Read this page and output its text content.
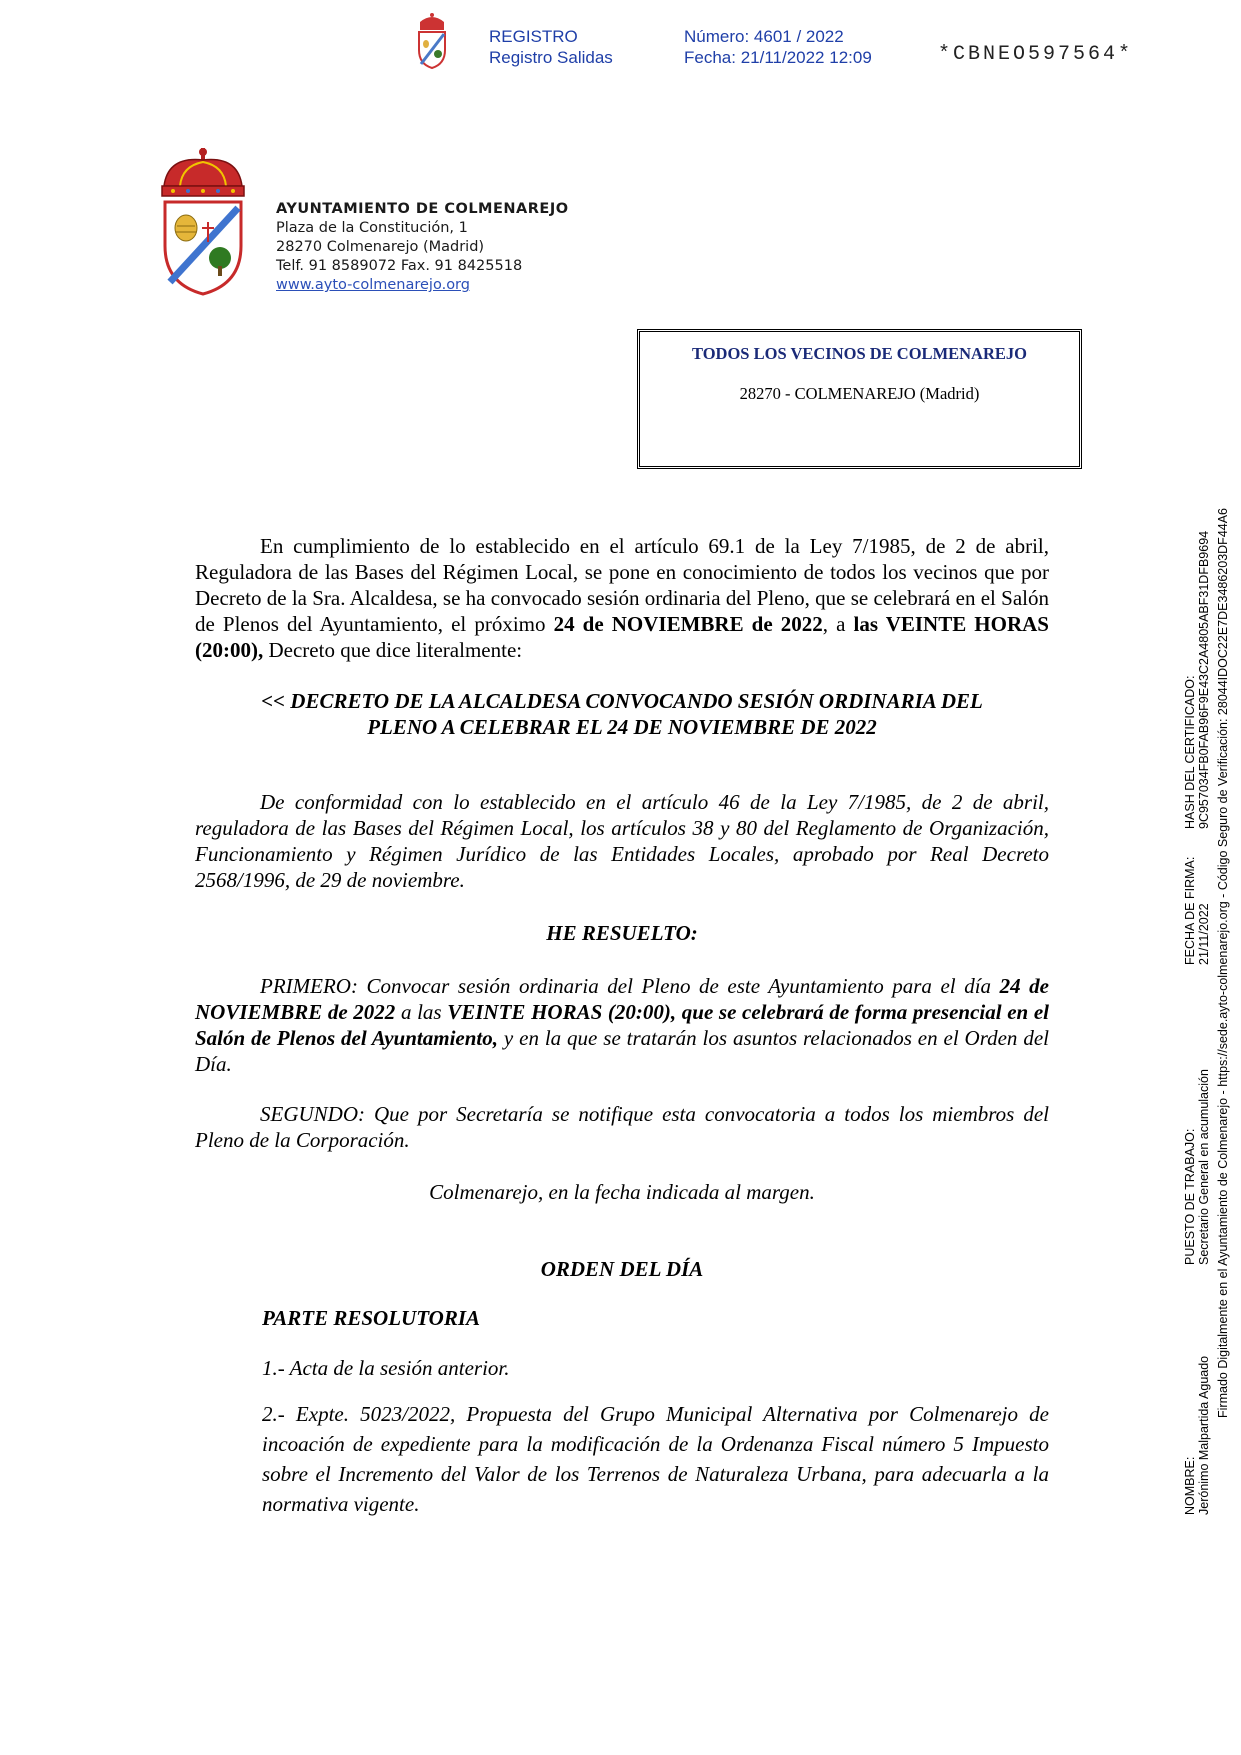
REGISTRO
Registro Salidas
Número: 4601 / 2022
Fecha: 21/11/2022 12:09	*CBNEO597564*
AYUNTAMIENTO DE COLMENAREJO
Plaza de la Constitución, 1
28270 Colmenarejo (Madrid)
Telf. 91 8589072 Fax. 91 8425518
www.ayto-colmenarejo.org
TODOS LOS VECINOS DE COLMENAREJO
28270 - COLMENAREJO (Madrid)
En cumplimiento de lo establecido en el artículo 69.1 de la Ley 7/1985, de 2 de abril, Reguladora de las Bases del Régimen Local, se pone en conocimiento de todos los vecinos que por Decreto de la Sra. Alcaldesa, se ha convocado sesión ordinaria del Pleno, que se celebrará en el Salón de Plenos del Ayuntamiento, el próximo 24 de NOVIEMBRE de 2022, a las VEINTE HORAS (20:00), Decreto que dice literalmente:
<< DECRETO DE LA ALCALDESA CONVOCANDO SESIÓN ORDINARIA DEL
PLENO A CELEBRAR EL 24 DE NOVIEMBRE DE 2022
De conformidad con lo establecido en el artículo 46 de la Ley 7/1985, de 2 de abril, reguladora de las Bases del Régimen Local, los artículos 38 y 80 del Reglamento de Organización, Funcionamiento y Régimen Jurídico de las Entidades Locales, aprobado por Real Decreto 2568/1996, de 29 de noviembre.
HE RESUELTO:
PRIMERO: Convocar sesión ordinaria del Pleno de este Ayuntamiento para el día 24 de NOVIEMBRE de 2022 a las VEINTE HORAS (20:00), que se celebrará de forma presencial en el Salón de Plenos del Ayuntamiento, y en la que se tratarán los asuntos relacionados en el Orden del Día.
SEGUNDO: Que por Secretaría se notifique esta convocatoria a todos los miembros del Pleno de la Corporación.
Colmenarejo, en la fecha indicada al margen.
ORDEN DEL DÍA
PARTE RESOLUTORIA
1.- Acta de la sesión anterior.
2.- Expte. 5023/2022, Propuesta del Grupo Municipal Alternativa por Colmenarejo de incoación de expediente para la modificación de la Ordenanza Fiscal número 5 Impuesto sobre el Incremento del Valor de los Terrenos de Naturaleza Urbana, para adecuarla a la normativa vigente.	NOMBRE: Jerónimo Malpartida Aguado
PUESTO DE TRABAJO: Secretario General en acumulación
FECHA DE FIRMA: 21/11/2022
HASH DEL CERTIFICADO: 9C957034FB0FAB96F9E43C2A4805ABF31DFB9694 Firmado Digitalmente en el Ayuntamiento de Colmenarejo - https://sede.ayto-colmenarejo.org - Código Seguro de Verificación: 28044IDOC22E7DE3486203DF44A6
